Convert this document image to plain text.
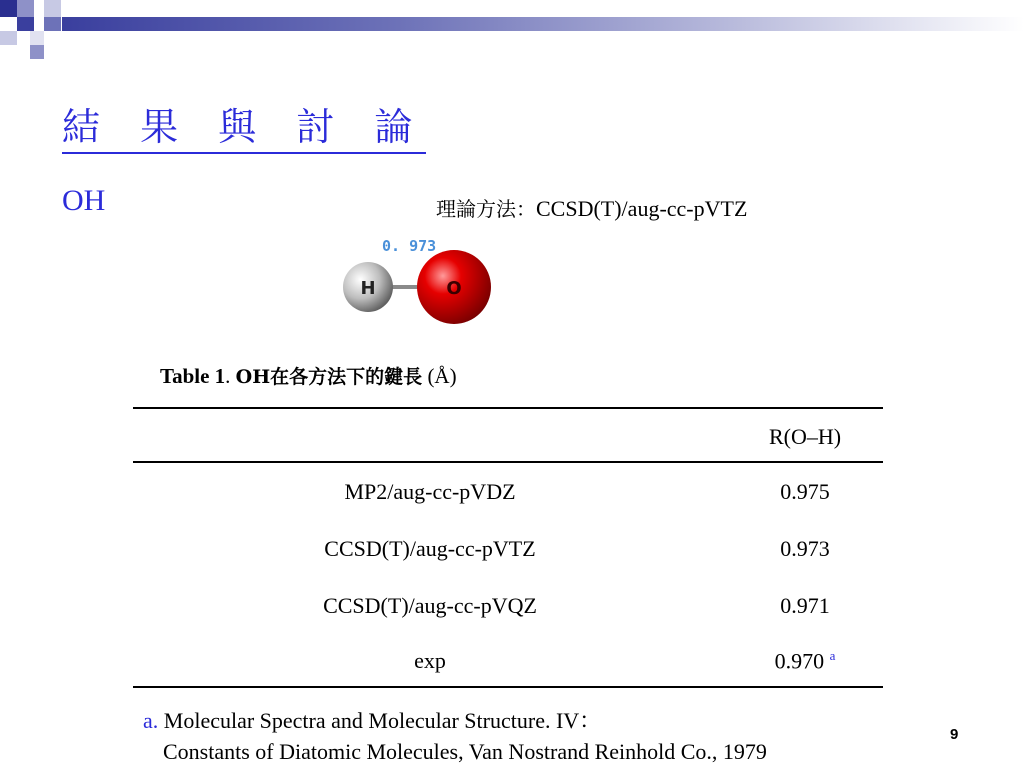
結 果 與 討 論
OH	理論方法：CCSD(T)/aug-cc-pVTZ
0. 973
H	O
Table 1. OH在各方法下的鍵長 (Å)
R(O–H)
MP2/aug-cc-pVDZ	0.975
CCSD(T)/aug-cc-pVTZ	0.973
CCSD(T)/aug-cc-pVQZ	0.971
exp	0.970 $^a$
a. Molecular Spectra and Molecular Structure. IV：
Constants of Diatomic Molecules, Van Nostrand Reinhold Co., 1979
9
